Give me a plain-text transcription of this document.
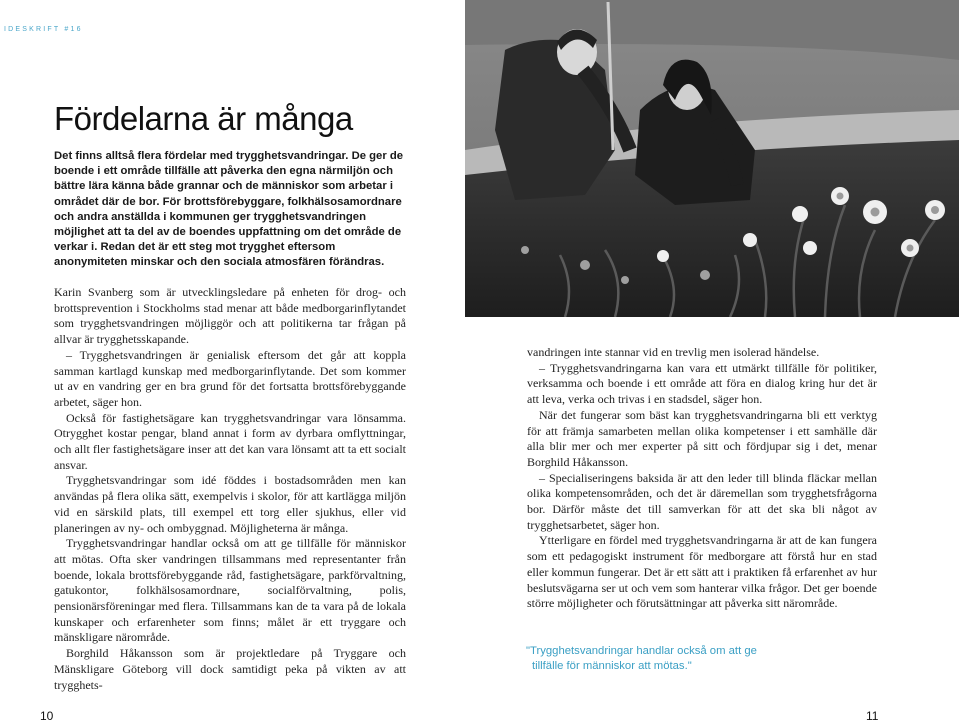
IDESKRIFT #16
Fördelarna är många

Det finns alltså flera fördelar med trygghetsvandringar. De ger de boende i ett område tillfälle att påverka den egna närmiljön och bättre lära känna både grannar och de människor som arbetar i området där de bor. För brottsförebyggare, folkhälsosamordnare och andra anställda i kommunen ger trygghetsvandringen möjlighet att ta del av de boendes uppfattning om det område de verkar i. Redan det är ett steg mot trygghet eftersom anonymiteten minskar och den sociala atmosfären förändras.

Karin Svanberg som är utvecklingsledare på enheten för drog- och brottsprevention i Stockholms stad menar att både medborgarinflytandet som trygghetsvandringen möjliggör och att politikerna tar frågan på allvar är trygghetsskapande.

– Trygghetsvandringen är genialisk eftersom det går att koppla samman kartlagd kunskap med medborgarinflytande. Det som kommer ut av en vandring ger en bra grund för det fortsatta brottsförebyggande arbetet, säger hon.

Också för fastighetsägare kan trygghetsvandringar vara lönsamma. Otrygghet kostar pengar, bland annat i form av dyrbara omflyttningar, och allt fler fastighetsägare inser att det kan vara lönsamt att ta ett socialt ansvar.

Trygghetsvandringar som idé föddes i bostadsområden men kan användas på flera olika sätt, exempelvis i skolor, för att kartlägga miljön vid en särskild plats, till exempel ett torg eller sjukhus, eller vid planeringen av ny- och ombyggnad. Möjligheterna är många.

Trygghetsvandringar handlar också om att ge tillfälle för människor att mötas. Ofta sker vandringen tillsammans med representanter från boende, lokala brottsförebyggande råd, fastighetsägare, parkförvaltning, gatukontor, folkhälsosamordnare, socialförvaltning, polis, pensionärsföreningar med flera. Tillsammans kan de ta vara på de lokala kunskaper och erfarenheter som finns; målet är ett tryggare och mänskligare närområde.

Borghild Håkansson som är projektledare på Tryggare och Mänskligare Göteborg vill dock samtidigt peka på vikten av att trygghets-

10

vandringen inte stannar vid en trevlig men isolerad händelse.

– Trygghetsvandringarna kan vara ett utmärkt tillfälle för politiker, verksamma och boende i ett område att föra en dialog kring hur det är att leva, verka och trivas i en stadsdel, säger hon.

När det fungerar som bäst kan trygghetsvandringarna bli ett verktyg för att främja samarbeten mellan olika kompetenser i ett samhälle där alla blir mer och mer experter på sitt och fördjupar sig i det, menar Borghild Håkansson.

– Specialiseringens baksida är att den leder till blinda fläckar mellan olika kompetensområden, och det är däremellan som trygghetsfrågorna bor. Därför måste det till samverkan för att det ska bli något av trygghetsarbetet, säger hon.

Ytterligare en fördel med trygghetsvandringarna är att de kan fungera som ett pedagogiskt instrument för medborgare att förstå hur en stad eller kommun fungerar. Det är ett sätt att i praktiken få erfarenhet av hur beslutsvägarna ser ut och vem som hanterar vilka frågor. Det ger boende större möjligheter och förutsättningar att påverka sitt närområde.

"Trygghetsvandringar handlar också om att ge
tillfälle för människor att mötas."

11
